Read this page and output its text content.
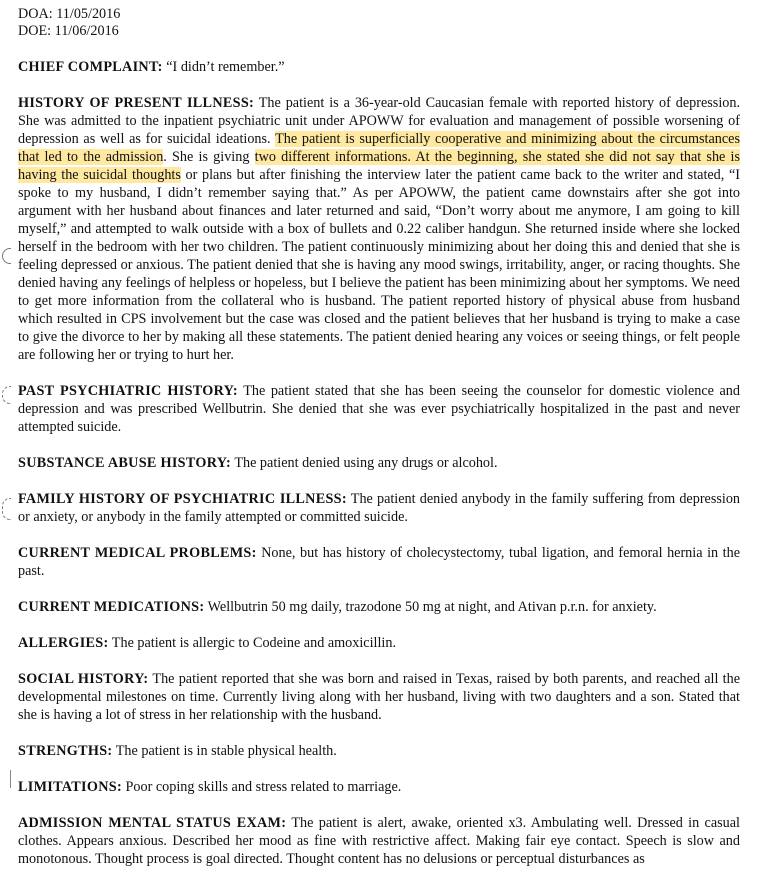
DOA: 11/05/2016
DOE: 11/06/2016

CHIEF COMPLAINT: “I didn’t remember.”

HISTORY OF PRESENT ILLNESS: The patient is a 36-year-old Caucasian female with reported history of depression. She was admitted to the inpatient psychiatric unit under APOWW for evaluation and management of possible worsening of depression as well as for suicidal ideations. The patient is superficially cooperative and minimizing about the circumstances that led to the admission. She is giving two different informations. At the beginning, she stated she did not say that she is having the suicidal thoughts or plans but after finishing the interview later the patient came back to the writer and stated, “I spoke to my husband, I didn’t remember saying that.” As per APOWW, the patient came downstairs after she got into argument with her husband about finances and later returned and said, “Don’t worry about me anymore, I am going to kill myself,” and attempted to walk outside with a box of bullets and 0.22 caliber handgun. She returned inside where she locked herself in the bedroom with her two children. The patient continuously minimizing about her doing this and denied that she is feeling depressed or anxious. The patient denied that she is having any mood swings, irritability, anger, or racing thoughts. She denied having any feelings of helpless or hopeless, but I believe the patient has been minimizing about her symptoms. We need to get more information from the collateral who is husband. The patient reported history of physical abuse from husband which resulted in CPS involvement but the case was closed and the patient believes that her husband is trying to make a case to give the divorce to her by making all these statements. The patient denied hearing any voices or seeing things, or felt people are following her or trying to hurt her.

PAST PSYCHIATRIC HISTORY: The patient stated that she has been seeing the counselor for domestic violence and depression and was prescribed Wellbutrin. She denied that she was ever psychiatrically hospitalized in the past and never attempted suicide.

SUBSTANCE ABUSE HISTORY: The patient denied using any drugs or alcohol.

FAMILY HISTORY OF PSYCHIATRIC ILLNESS: The patient denied anybody in the family suffering from depression or anxiety, or anybody in the family attempted or committed suicide.

CURRENT MEDICAL PROBLEMS: None, but has history of cholecystectomy, tubal ligation, and femoral hernia in the past.

CURRENT MEDICATIONS: Wellbutrin 50 mg daily, trazodone 50 mg at night, and Ativan p.r.n. for anxiety.

ALLERGIES: The patient is allergic to Codeine and amoxicillin.

SOCIAL HISTORY: The patient reported that she was born and raised in Texas, raised by both parents, and reached all the developmental milestones on time. Currently living along with her husband, living with two daughters and a son. Stated that she is having a lot of stress in her relationship with the husband.

STRENGTHS: The patient is in stable physical health.

LIMITATIONS: Poor coping skills and stress related to marriage.

ADMISSION MENTAL STATUS EXAM: The patient is alert, awake, oriented x3. Ambulating well. Dressed in casual clothes. Appears anxious. Described her mood as fine with restrictive affect. Making fair eye contact. Speech is slow and monotonous. Thought process is goal directed. Thought content has no delusions or perceptual disturbances as
